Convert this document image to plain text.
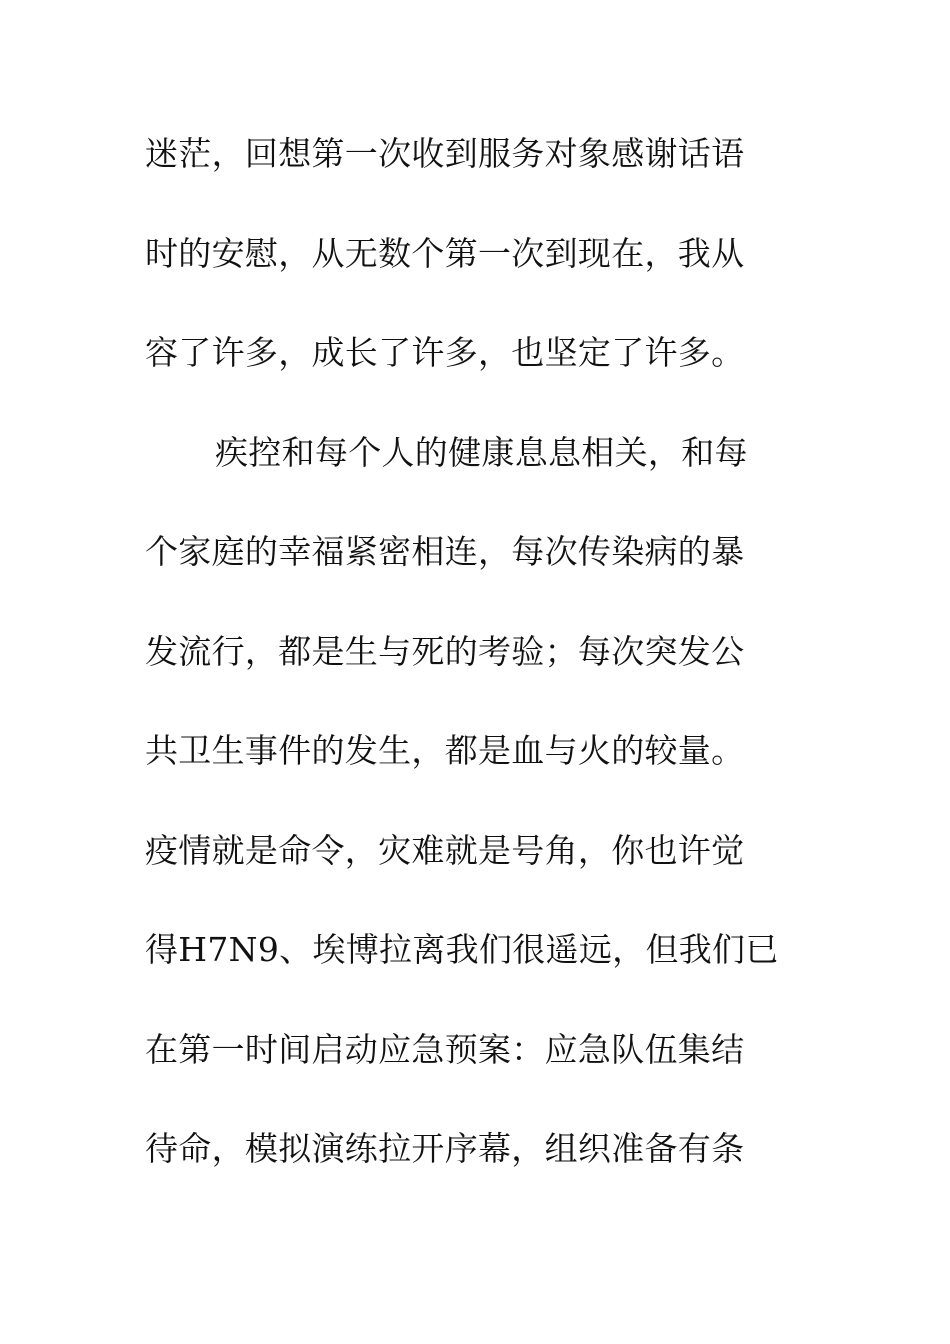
迷茫，回想第一次收到服务对象感谢话语
时的安慰，从无数个第一次到现在，我从
容了许多，成长了许多，也坚定了许多。
疾控和每个人的健康息息相关，和每
个家庭的幸福紧密相连，每次传染病的暴
发流行，都是生与死的考验；每次突发公
共卫生事件的发生，都是血与火的较量。
疫情就是命令，灾难就是号角，你也许觉
得H7N9、埃博拉离我们很遥远，但我们已
在第一时间启动应急预案：应急队伍集结
待命，模拟演练拉开序幕，组织准备有条
